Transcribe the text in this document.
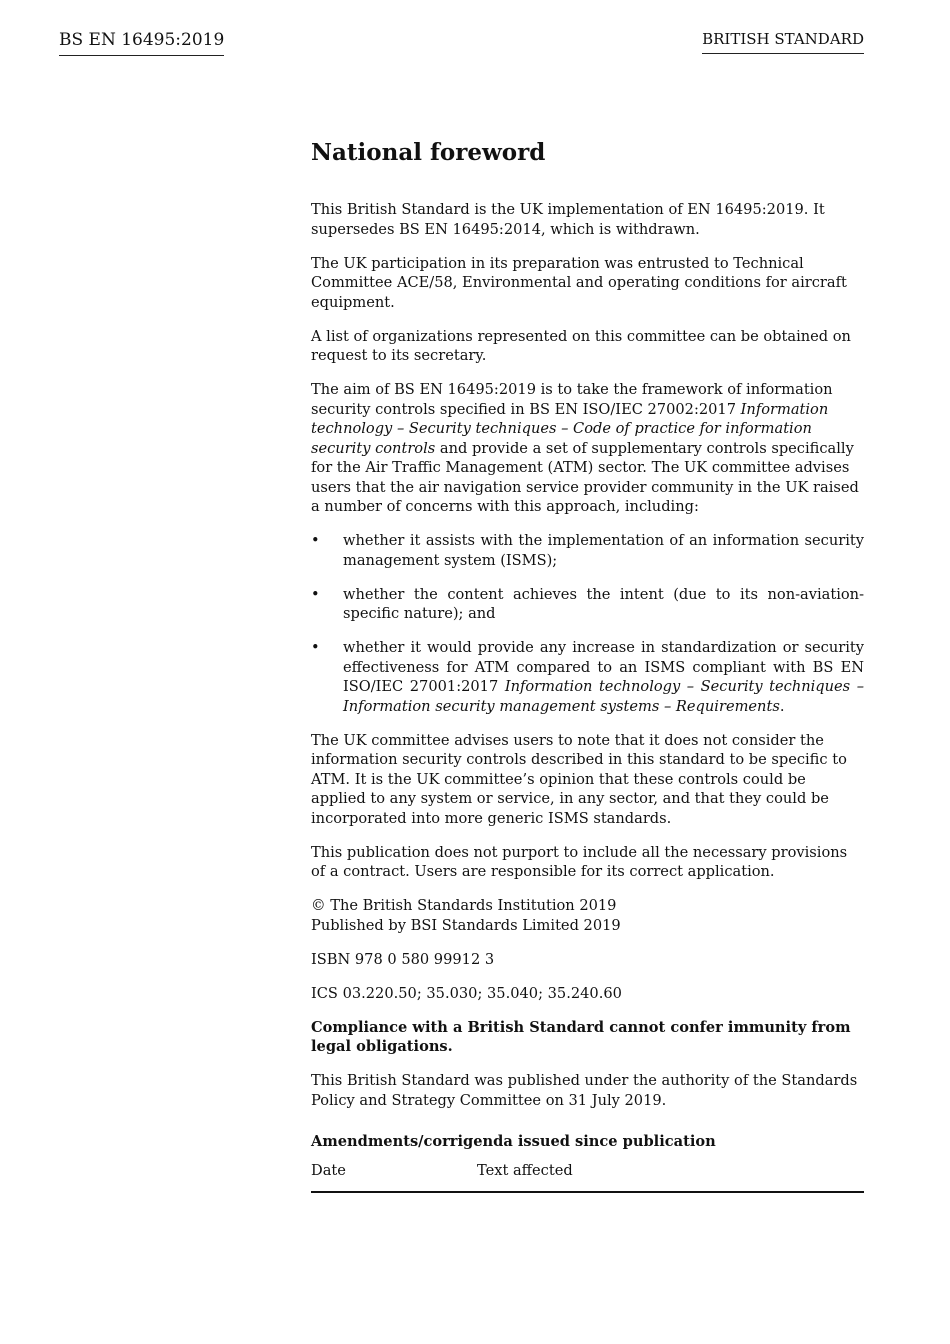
BS EN 16495:2019	BRITISH STANDARD
National foreword

This British Standard is the UK implementation of EN 16495:2019. It supersedes BS EN 16495:2014, which is withdrawn.

The UK participation in its preparation was entrusted to Technical Committee ACE/58, Environmental and operating conditions for aircraft equipment.

A list of organizations represented on this committee can be obtained on request to its secretary.

The aim of BS EN 16495:2019 is to take the framework of information security controls specified in BS EN ISO/IEC 27002:2017 Information technology – Security techniques – Code of practice for information security controls and provide a set of supplementary controls specifically for the Air Traffic Management (ATM) sector. The UK committee advises users that the air navigation service provider community in the UK raised a number of concerns with this approach, including:

• whether it assists with the implementation of an information security management system (ISMS);
• whether the content achieves the intent (due to its non-aviation-specific nature); and
• whether it would provide any increase in standardization or security effectiveness for ATM compared to an ISMS compliant with BS EN ISO/IEC 27001:2017 Information technology – Security techniques – Information security management systems – Requirements.

The UK committee advises users to note that it does not consider the information security controls described in this standard to be specific to ATM. It is the UK committee’s opinion that these controls could be applied to any system or service, in any sector, and that they could be incorporated into more generic ISMS standards.

This publication does not purport to include all the necessary provisions of a contract. Users are responsible for its correct application.

© The British Standards Institution 2019
Published by BSI Standards Limited 2019

ISBN 978 0 580 99912 3

ICS 03.220.50; 35.030; 35.040; 35.240.60

Compliance with a British Standard cannot confer immunity from legal obligations.

This British Standard was published under the authority of the Standards Policy and Strategy Committee on 31 July 2019.

Amendments/corrigenda issued since publication
Date	Text affected
